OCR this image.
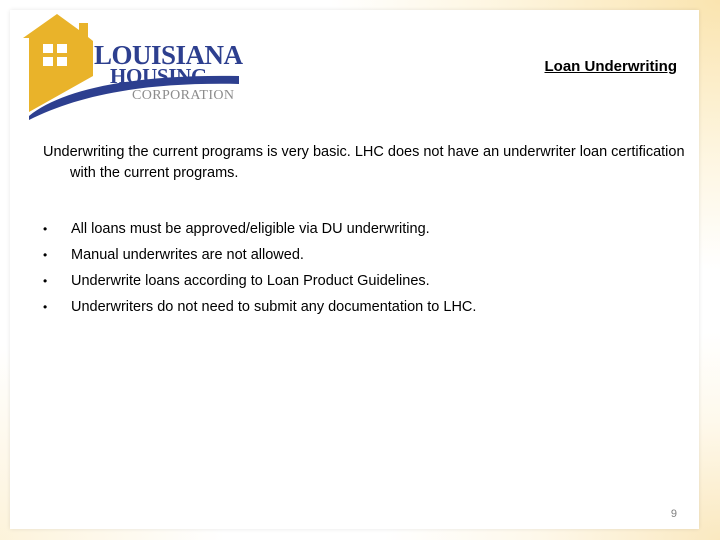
LOUISIANA
HOUSING
CORPORATION
Loan Underwriting
Underwriting the current programs is very basic. LHC does not have an underwriter loan certification with the current programs.
• All loans must be approved/eligible via DU underwriting.
• Manual underwrites are not allowed.
• Underwrite loans according to Loan Product Guidelines.
• Underwriters do not need to submit any documentation to LHC.
9
